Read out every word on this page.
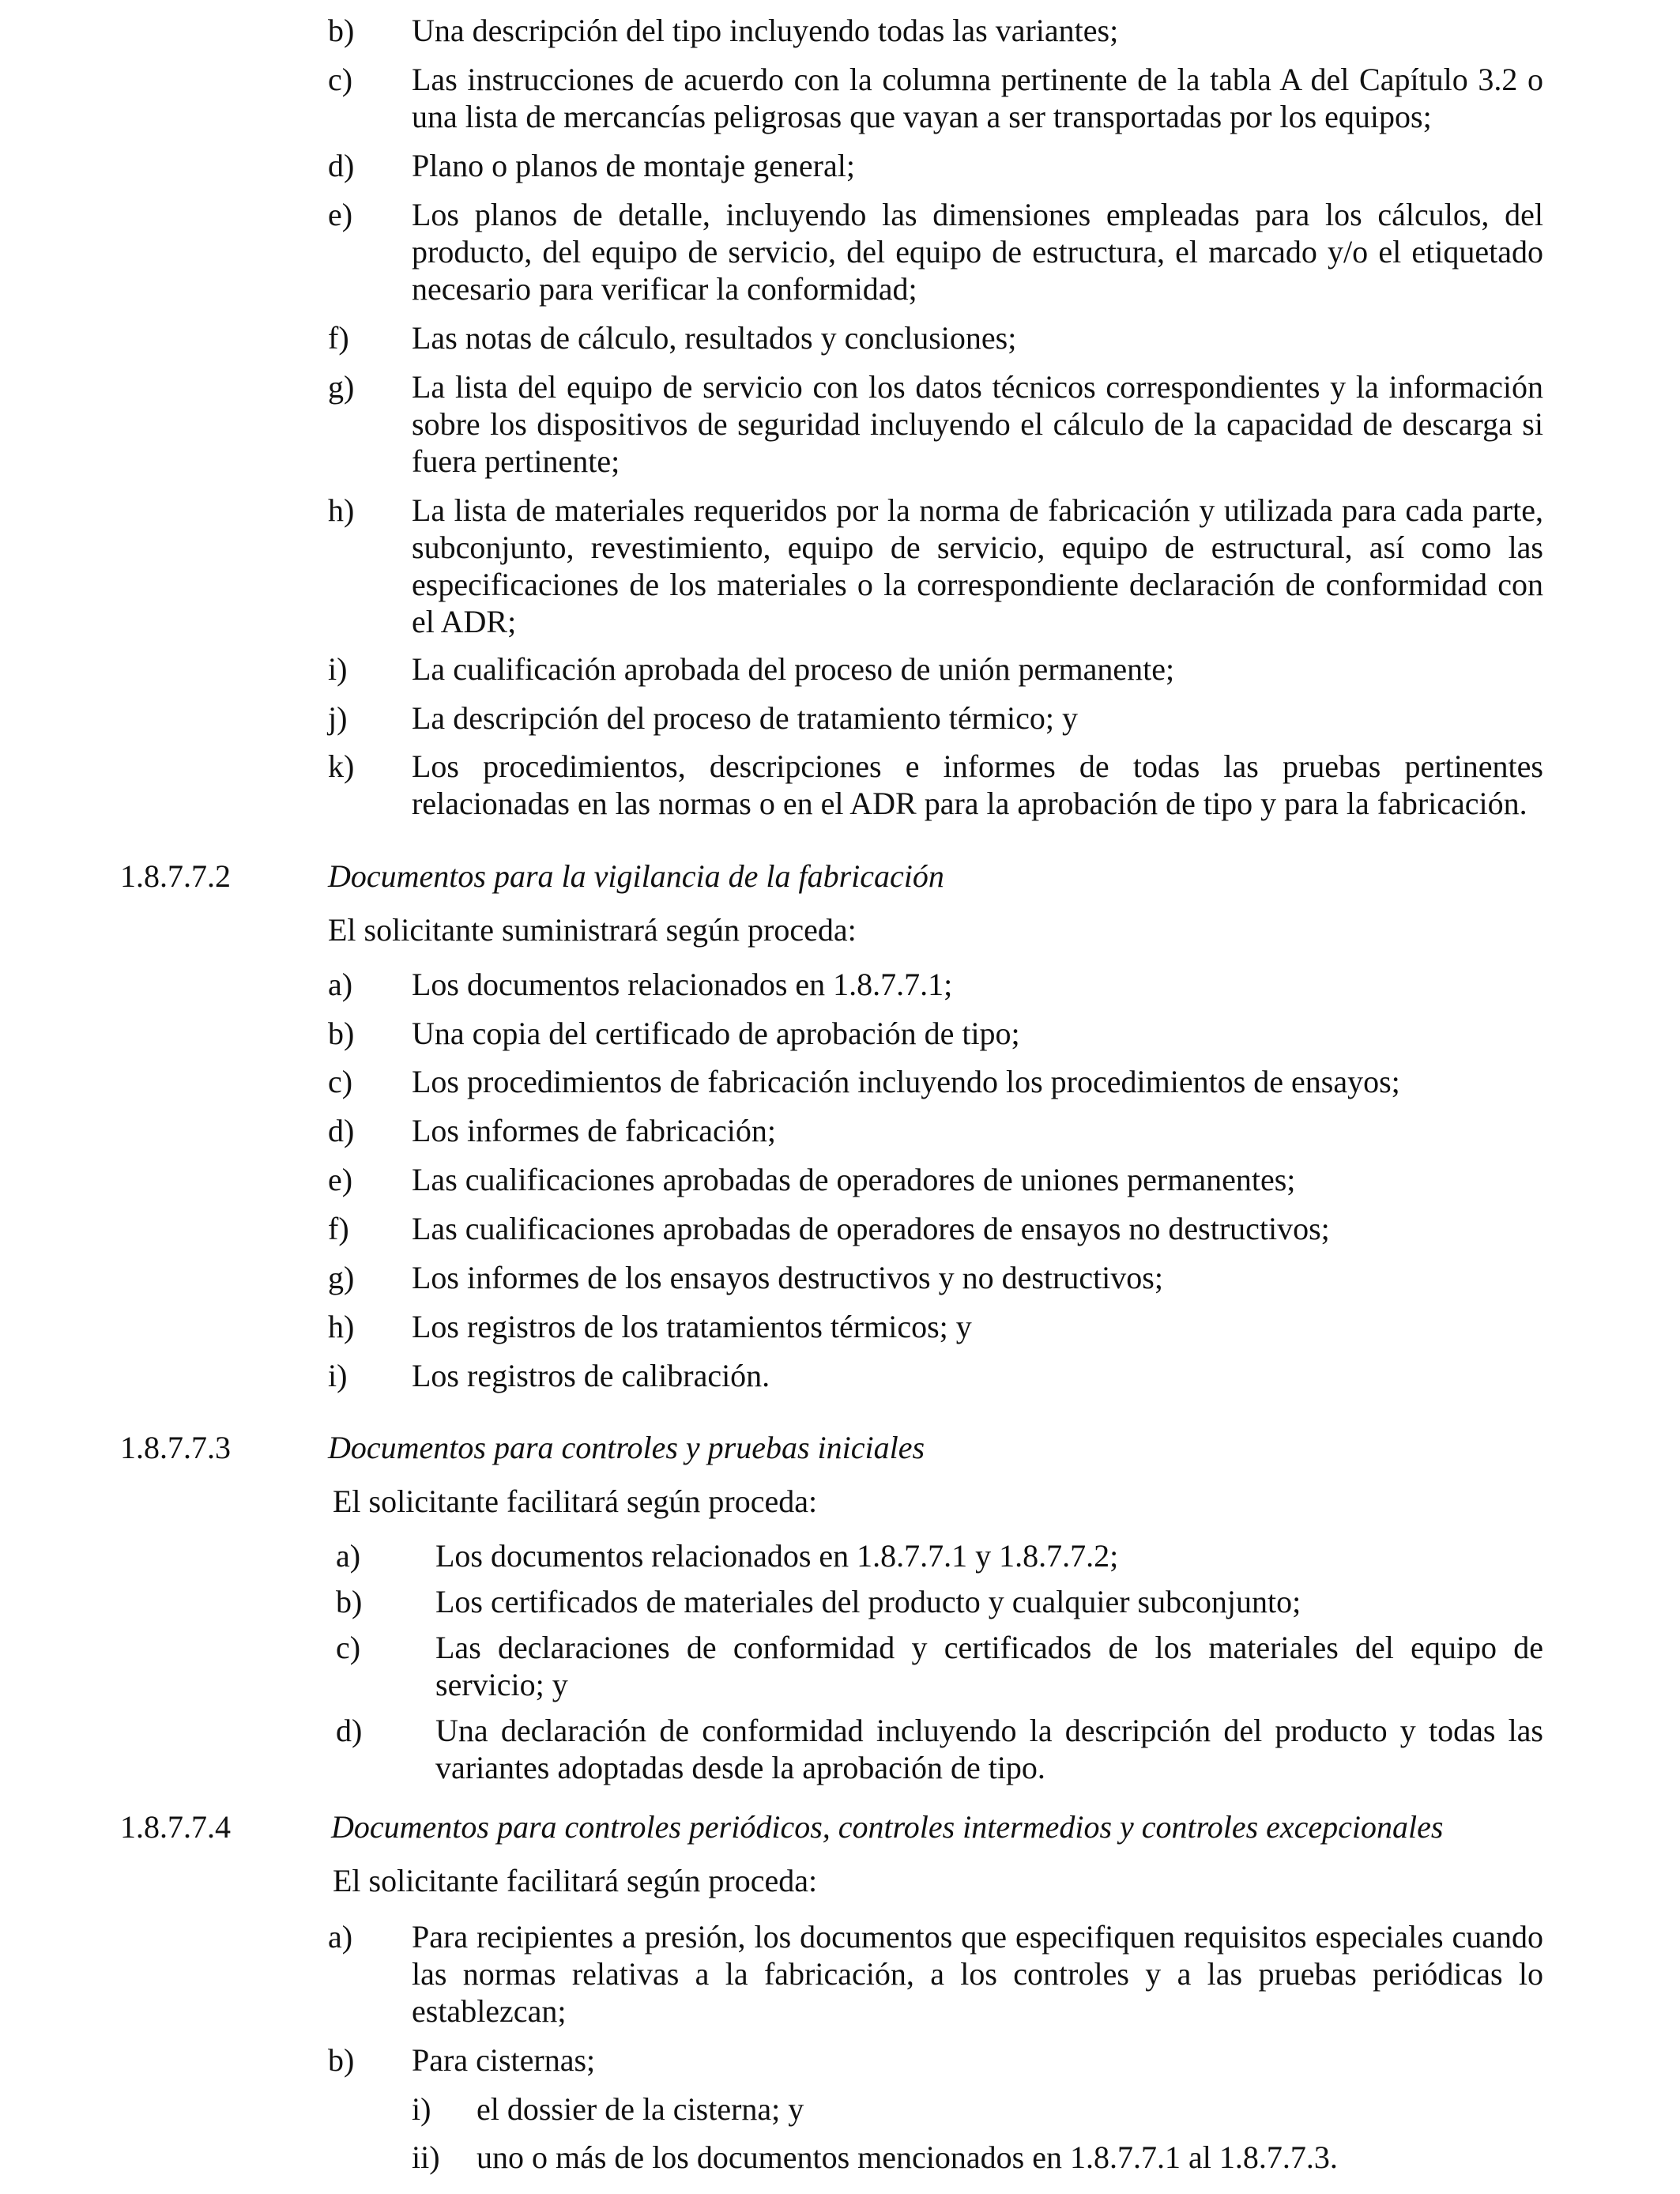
b) Una descripción del tipo incluyendo todas las variantes;
c) Las instrucciones de acuerdo con la columna pertinente de la tabla A del Capítulo 3.2 o una lista de mercancías peligrosas que vayan a ser transportadas por los equipos;
d) Plano o planos de montaje general;
e) Los planos de detalle, incluyendo las dimensiones empleadas para los cálculos, del producto, del equipo de servicio, del equipo de estructura, el marcado y/o el etiquetado necesario para verificar la conformidad;
f) Las notas de cálculo, resultados y conclusiones;
g) La lista del equipo de servicio con los datos técnicos correspondientes y la información sobre los dispositivos de seguridad incluyendo el cálculo de la capacidad de descarga si fuera pertinente;
h) La lista de materiales requeridos por la norma de fabricación y utilizada para cada parte, subconjunto, revestimiento, equipo de servicio, equipo de estructural, así como las especificaciones de los materiales o la correspondiente declaración de conformidad con el ADR;
i) La cualificación aprobada del proceso de unión permanente;
j) La descripción del proceso de tratamiento térmico; y
k) Los procedimientos, descripciones e informes de todas las pruebas pertinentes relacionadas en las normas o en el ADR para la aprobación de tipo y para la fabricación.
1.8.7.7.2	Documentos para la vigilancia de la fabricación
El solicitante suministrará según proceda:
a) Los documentos relacionados en 1.8.7.7.1;
b) Una copia del certificado de aprobación de tipo;
c) Los procedimientos de fabricación incluyendo los procedimientos de ensayos;
d) Los informes de fabricación;
e) Las cualificaciones aprobadas de operadores de uniones permanentes;
f) Las cualificaciones aprobadas de operadores de ensayos no destructivos;
g) Los informes de los ensayos destructivos y no destructivos;
h) Los registros de los tratamientos térmicos; y
i) Los registros de calibración.
1.8.7.7.3	Documentos para controles y pruebas iniciales
El solicitante facilitará según proceda:
a) Los documentos relacionados en 1.8.7.7.1 y 1.8.7.7.2;
b) Los certificados de materiales del producto y cualquier subconjunto;
c) Las declaraciones de conformidad y certificados de los materiales del equipo de servicio; y
d) Una declaración de conformidad incluyendo la descripción del producto y todas las variantes adoptadas desde la aprobación de tipo.
1.8.7.7.4	Documentos para controles periódicos, controles intermedios y controles excepcionales
El solicitante facilitará según proceda:
a) Para recipientes a presión, los documentos que especifiquen requisitos especiales cuando las normas relativas a la fabricación, a los controles y a las pruebas periódicas lo establezcan;
b) Para cisternas;
i) el dossier de la cisterna; y
ii) uno o más de los documentos mencionados en 1.8.7.7.1 al 1.8.7.7.3.
